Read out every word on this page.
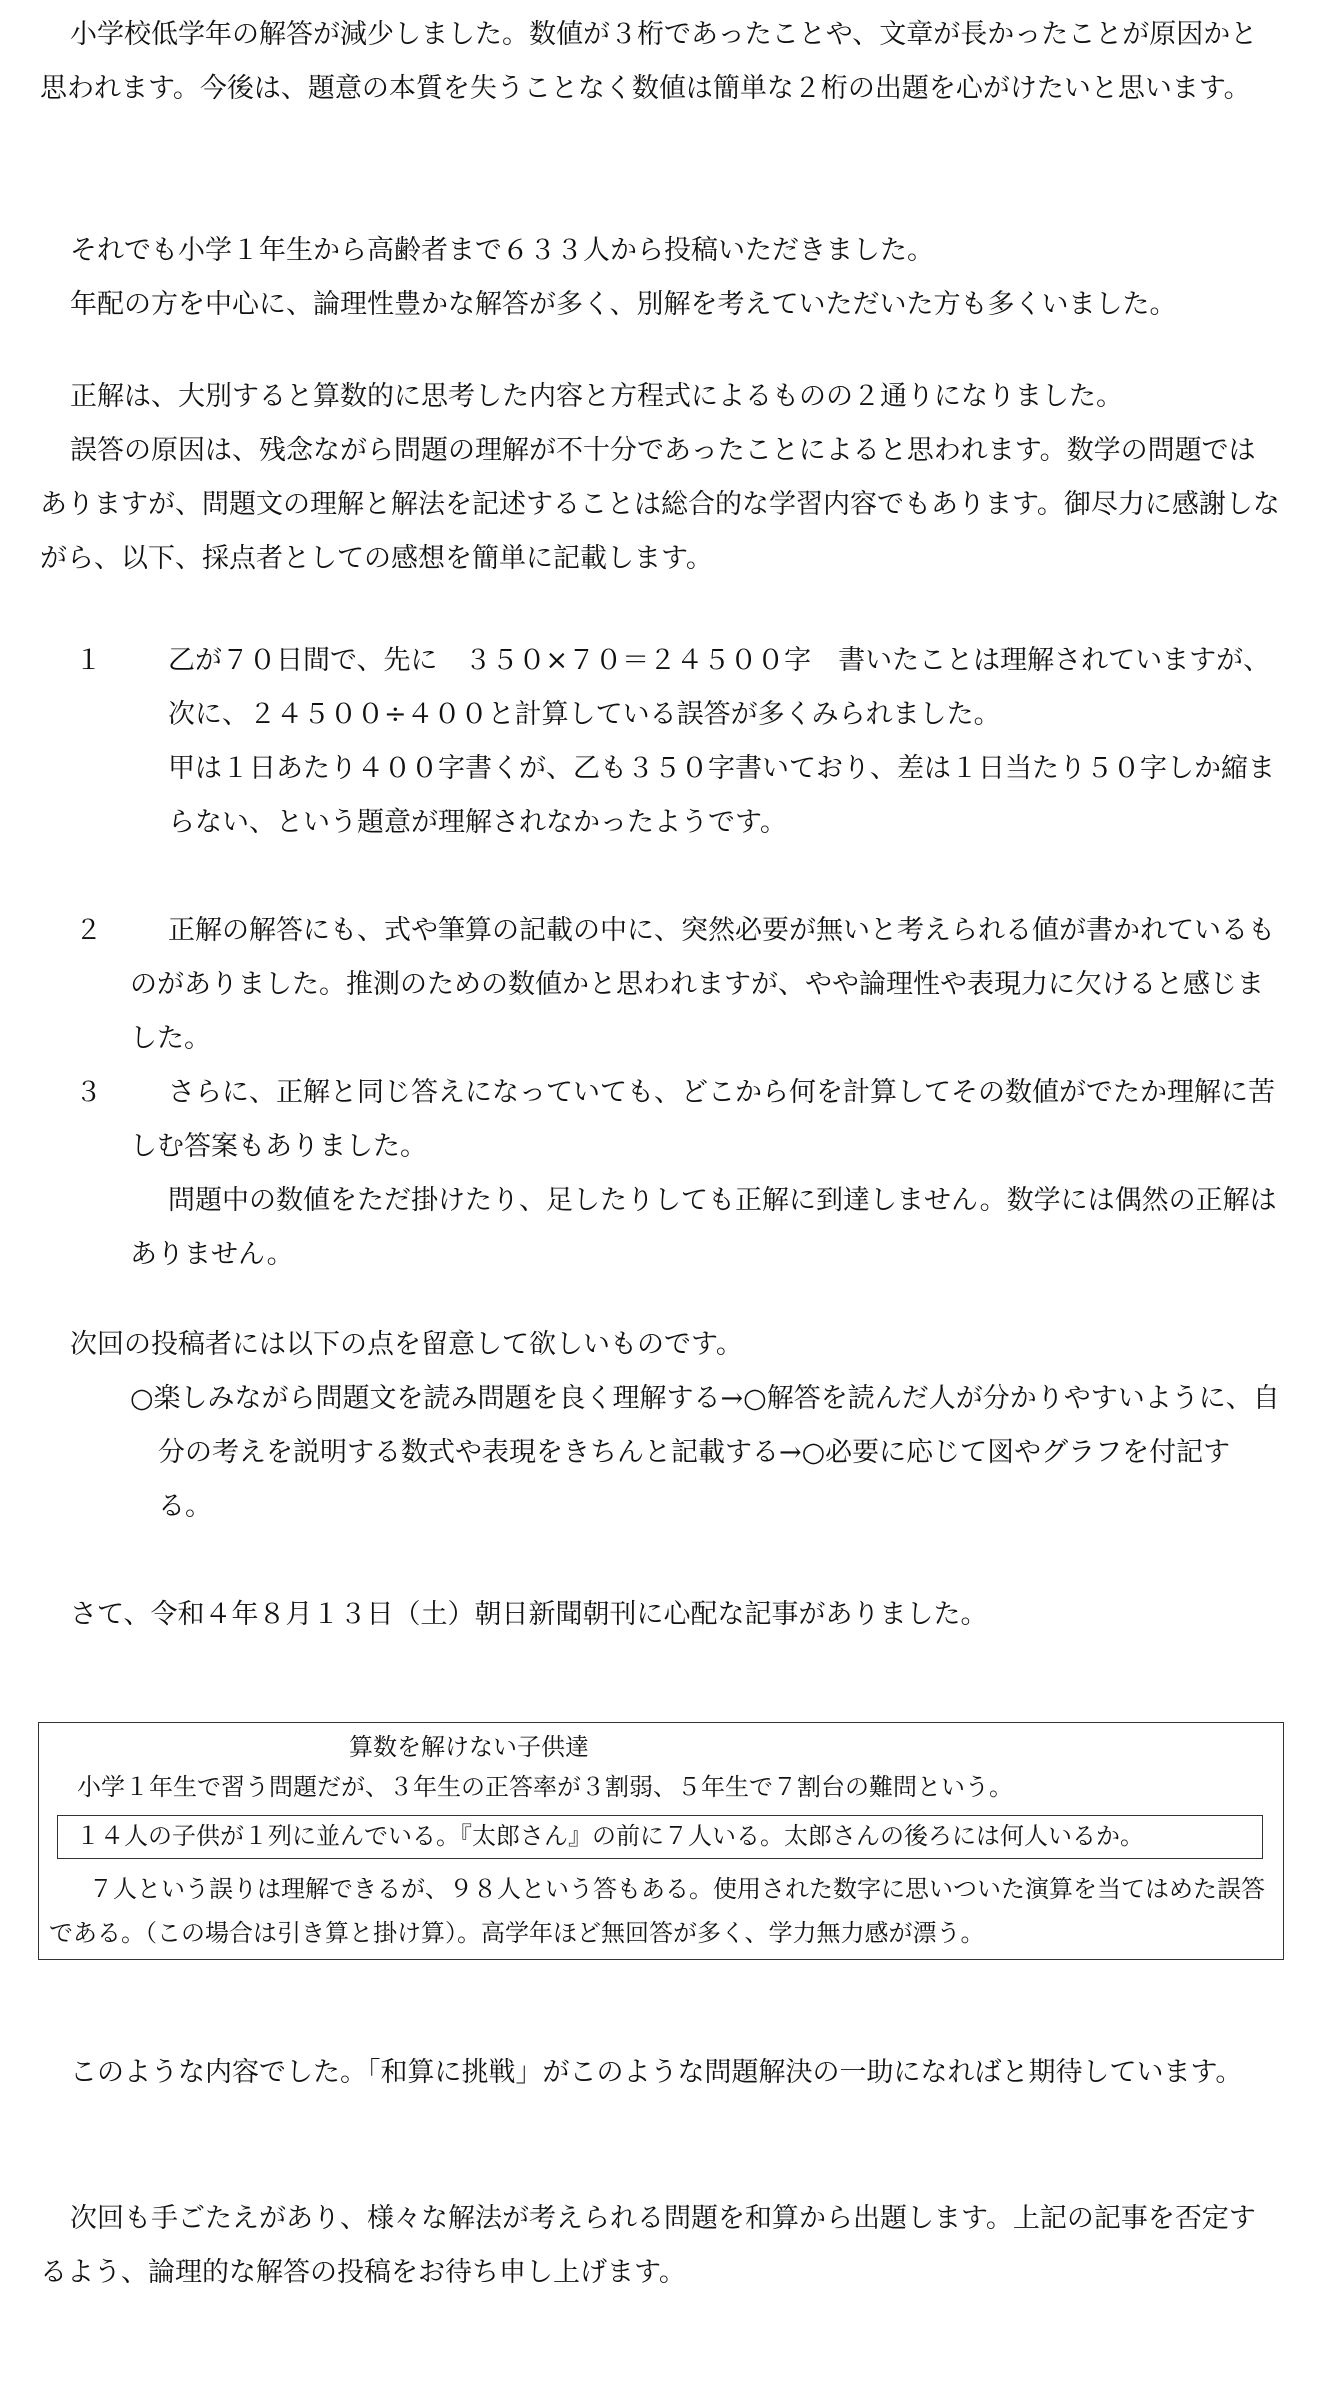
小学校低学年の解答が減少しました。数値が３桁であったことや、文章が長かったことが原因かと思われます。今後は、題意の本質を失うことなく数値は簡単な２桁の出題を心がけたいと思います。

それでも小学１年生から高齢者まで６３３人から投稿いただきました。

年配の方を中心に、論理性豊かな解答が多く、別解を考えていただいた方も多くいました。

正解は、大別すると算数的に思考した内容と方程式によるものの２通りになりました。

誤答の原因は、残念ながら問題の理解が不十分であったことによると思われます。数学の問題ではありますが、問題文の理解と解法を記述することは総合的な学習内容でもあります。御尽力に感謝しながら、以下、採点者としての感想を簡単に記載します。

１	乙が７０日間で、先に　３５０×７０＝２４５００字　書いたことは理解されていますが、
次に、２４５００÷４００と計算している誤答が多くみられました。
甲は１日あたり４００字書くが、乙も３５０字書いており、差は１日当たり５０字しか縮まらない、という題意が理解されなかったようです。
２	正解の解答にも、式や筆算の記載の中に、突然必要が無いと考えられる値が書かれているものがありました。推測のための数値かと思われますが、やや論理性や表現力に欠けると感じました。
３	さらに、正解と同じ答えになっていても、どこから何を計算してその数値がでたか理解に苦しむ答案もありました。
問題中の数値をただ掛けたり、足したりしても正解に到達しません。数学には偶然の正解はありません。

次回の投稿者には以下の点を留意して欲しいものです。

○楽しみながら問題文を読み問題を良く理解する→○解答を読んだ人が分かりやすいように、自分の考えを説明する数式や表現をきちんと記載する→○必要に応じて図やグラフを付記する。

さて、令和４年８月１３日（土）朝日新聞朝刊に心配な記事がありました。

算数を解けない子供達
小学１年生で習う問題だが、３年生の正答率が３割弱、５年生で７割台の難問という。
１４人の子供が１列に並んでいる。『太郎さん』の前に７人いる。太郎さんの後ろには何人いるか。
７人という誤りは理解できるが、９８人という答もある。使用された数字に思いついた演算を当てはめた誤答である。（この場合は引き算と掛け算）。高学年ほど無回答が多く、学力無力感が漂う。

このような内容でした。「和算に挑戦」がこのような問題解決の一助になればと期待しています。

次回も手ごたえがあり、様々な解法が考えられる問題を和算から出題します。上記の記事を否定するよう、論理的な解答の投稿をお待ち申し上げます。
